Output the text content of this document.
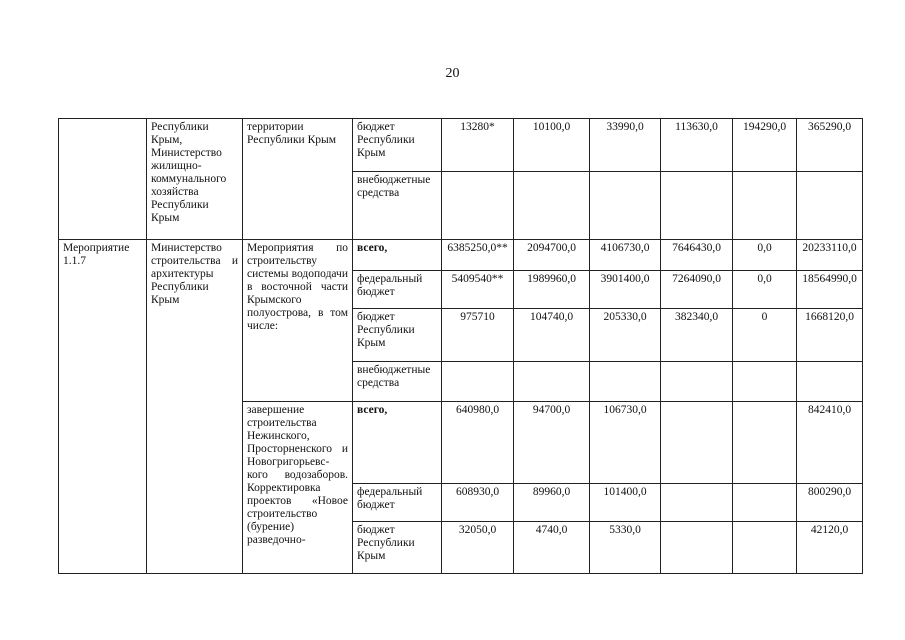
20
	Республики Крым, Министерство жилищно-коммунального хозяйства Республики Крым	территории Республики Крым	бюджет Республики Крым	13280*	10100,0	33990,0	113630,0	194290,0	365290,0
			внебюджетные средства						
Мероприятие 1.1.7	Министерство строительства и архитектуры Республики Крым	Мероприятия по строительству системы водоподачи в восточной части Крымского полуострова, в том числе:	всего,	6385250,0**	2094700,0	4106730,0	7646430,0	0,0	20233110,0
			федеральный бюджет	5409540**	1989960,0	3901400,0	7264090,0	0,0	18564990,0
			бюджет Республики Крым	975710	104740,0	205330,0	382340,0	0	1668120,0
			внебюджетные средства						
		завершение строительства Нежинского, Просторненского и Новогригорьевс-кого водозаборов. Корректировка проектов «Новое строительство (бурение) разведочно-	всего,	640980,0	94700,0	106730,0			842410,0
			федеральный бюджет	608930,0	89960,0	101400,0			800290,0
			бюджет Республики Крым	32050,0	4740,0	5330,0			42120,0
